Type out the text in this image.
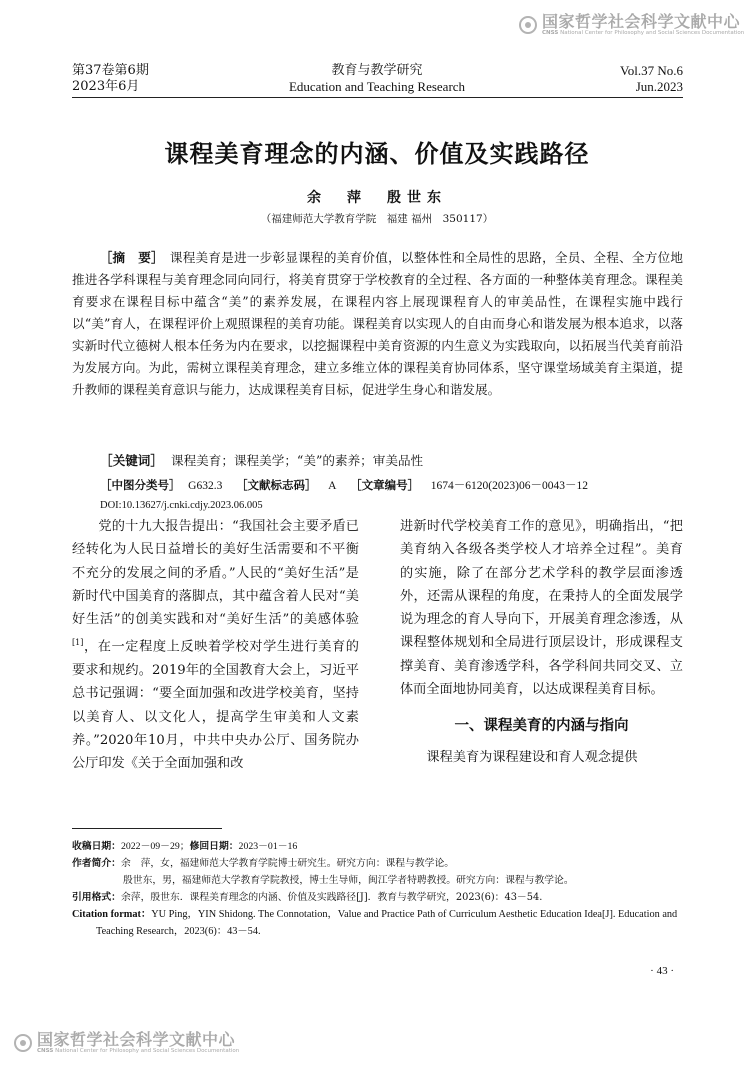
国家哲学社会科学文献中心
CNSS National Center for Philosophy and Social Sciences Documentation
第37卷第6期
2023年6月
教育与教学研究
Education and Teaching Research
Vol.37 No.6
Jun.2023
课程美育理念的内涵、价值及实践路径
余　萍　殷世东
（福建师范大学教育学院　福建 福州　350117）
［摘　要］ 课程美育是进一步彰显课程的美育价值，以整体性和全局性的思路，全员、全程、全方位地推进各学科课程与美育理念同向同行，将美育贯穿于学校教育的全过程、各方面的一种整体美育理念。课程美育要求在课程目标中蕴含“美”的素养发展，在课程内容上展现课程育人的审美品性，在课程实施中践行以“美”育人，在课程评价上观照课程的美育功能。课程美育以实现人的自由而身心和谐发展为根本追求，以落实新时代立德树人根本任务为内在要求，以挖掘课程中美育资源的内生意义为实践取向，以拓展当代美育前沿为发展方向。为此，需树立课程美育理念，建立多维立体的课程美育协同体系，坚守课堂场域美育主渠道，提升教师的课程美育意识与能力，达成课程美育目标，促进学生身心和谐发展。
［关键词］ 课程美育；课程美学；“美”的素养；审美品性
［中图分类号］ G632.3 ［文献标志码］ A ［文章编号］ 1674－6120(2023)06－0043－12
DOI:10.13627/j.cnki.cdjy.2023.06.005

党的十九大报告提出：“我国社会主要矛盾已经转化为人民日益增长的美好生活需要和不平衡不充分的发展之间的矛盾。”人民的“美好生活”是新时代中国美育的落脚点，其中蕴含着人民对“美好生活”的创美实践和对“美好生活”的美感体验[1]，在一定程度上反映着学校对学生进行美育的要求和规约。2019年的全国教育大会上，习近平总书记强调：“要全面加强和改进学校美育，坚持以美育人、以文化人，提高学生审美和人文素养。”2020年10月，中共中央办公厅、国务院办公厅印发《关于全面加强和改

进新时代学校美育工作的意见》，明确指出，“把美育纳入各级各类学校人才培养全过程”。美育的实施，除了在部分艺术学科的教学层面渗透外，还需从课程的角度，在秉持人的全面发展学说为理念的育人导向下，开展美育理念渗透，从课程整体规划和全局进行顶层设计，形成课程支撑美育、美育渗透学科，各学科间共同交叉、立体而全面地协同美育，以达成课程美育目标。

一、课程美育的内涵与指向

课程美育为课程建设和育人观念提供

收稿日期：2022－09－29；修回日期：2023－01－16
作者简介：余　萍，女，福建师范大学教育学院博士研究生。研究方向：课程与教学论。
殷世东，男，福建师范大学教育学院教授，博士生导师，闽江学者特聘教授。研究方向：课程与教学论。
引用格式：余萍，殷世东．课程美育理念的内涵、价值及实践路径[J]．教育与教学研究，2023(6)：43－54.
Citation format：YU Ping，YIN Shidong. The Connotation，Value and Practice Path of Curriculum Aesthetic Education Idea[J]. Education and Teaching Research，2023(6)：43－54.
· 43 ·
国家哲学社会科学文献中心
CNSS National Center for Philosophy and Social Sciences Documentation
